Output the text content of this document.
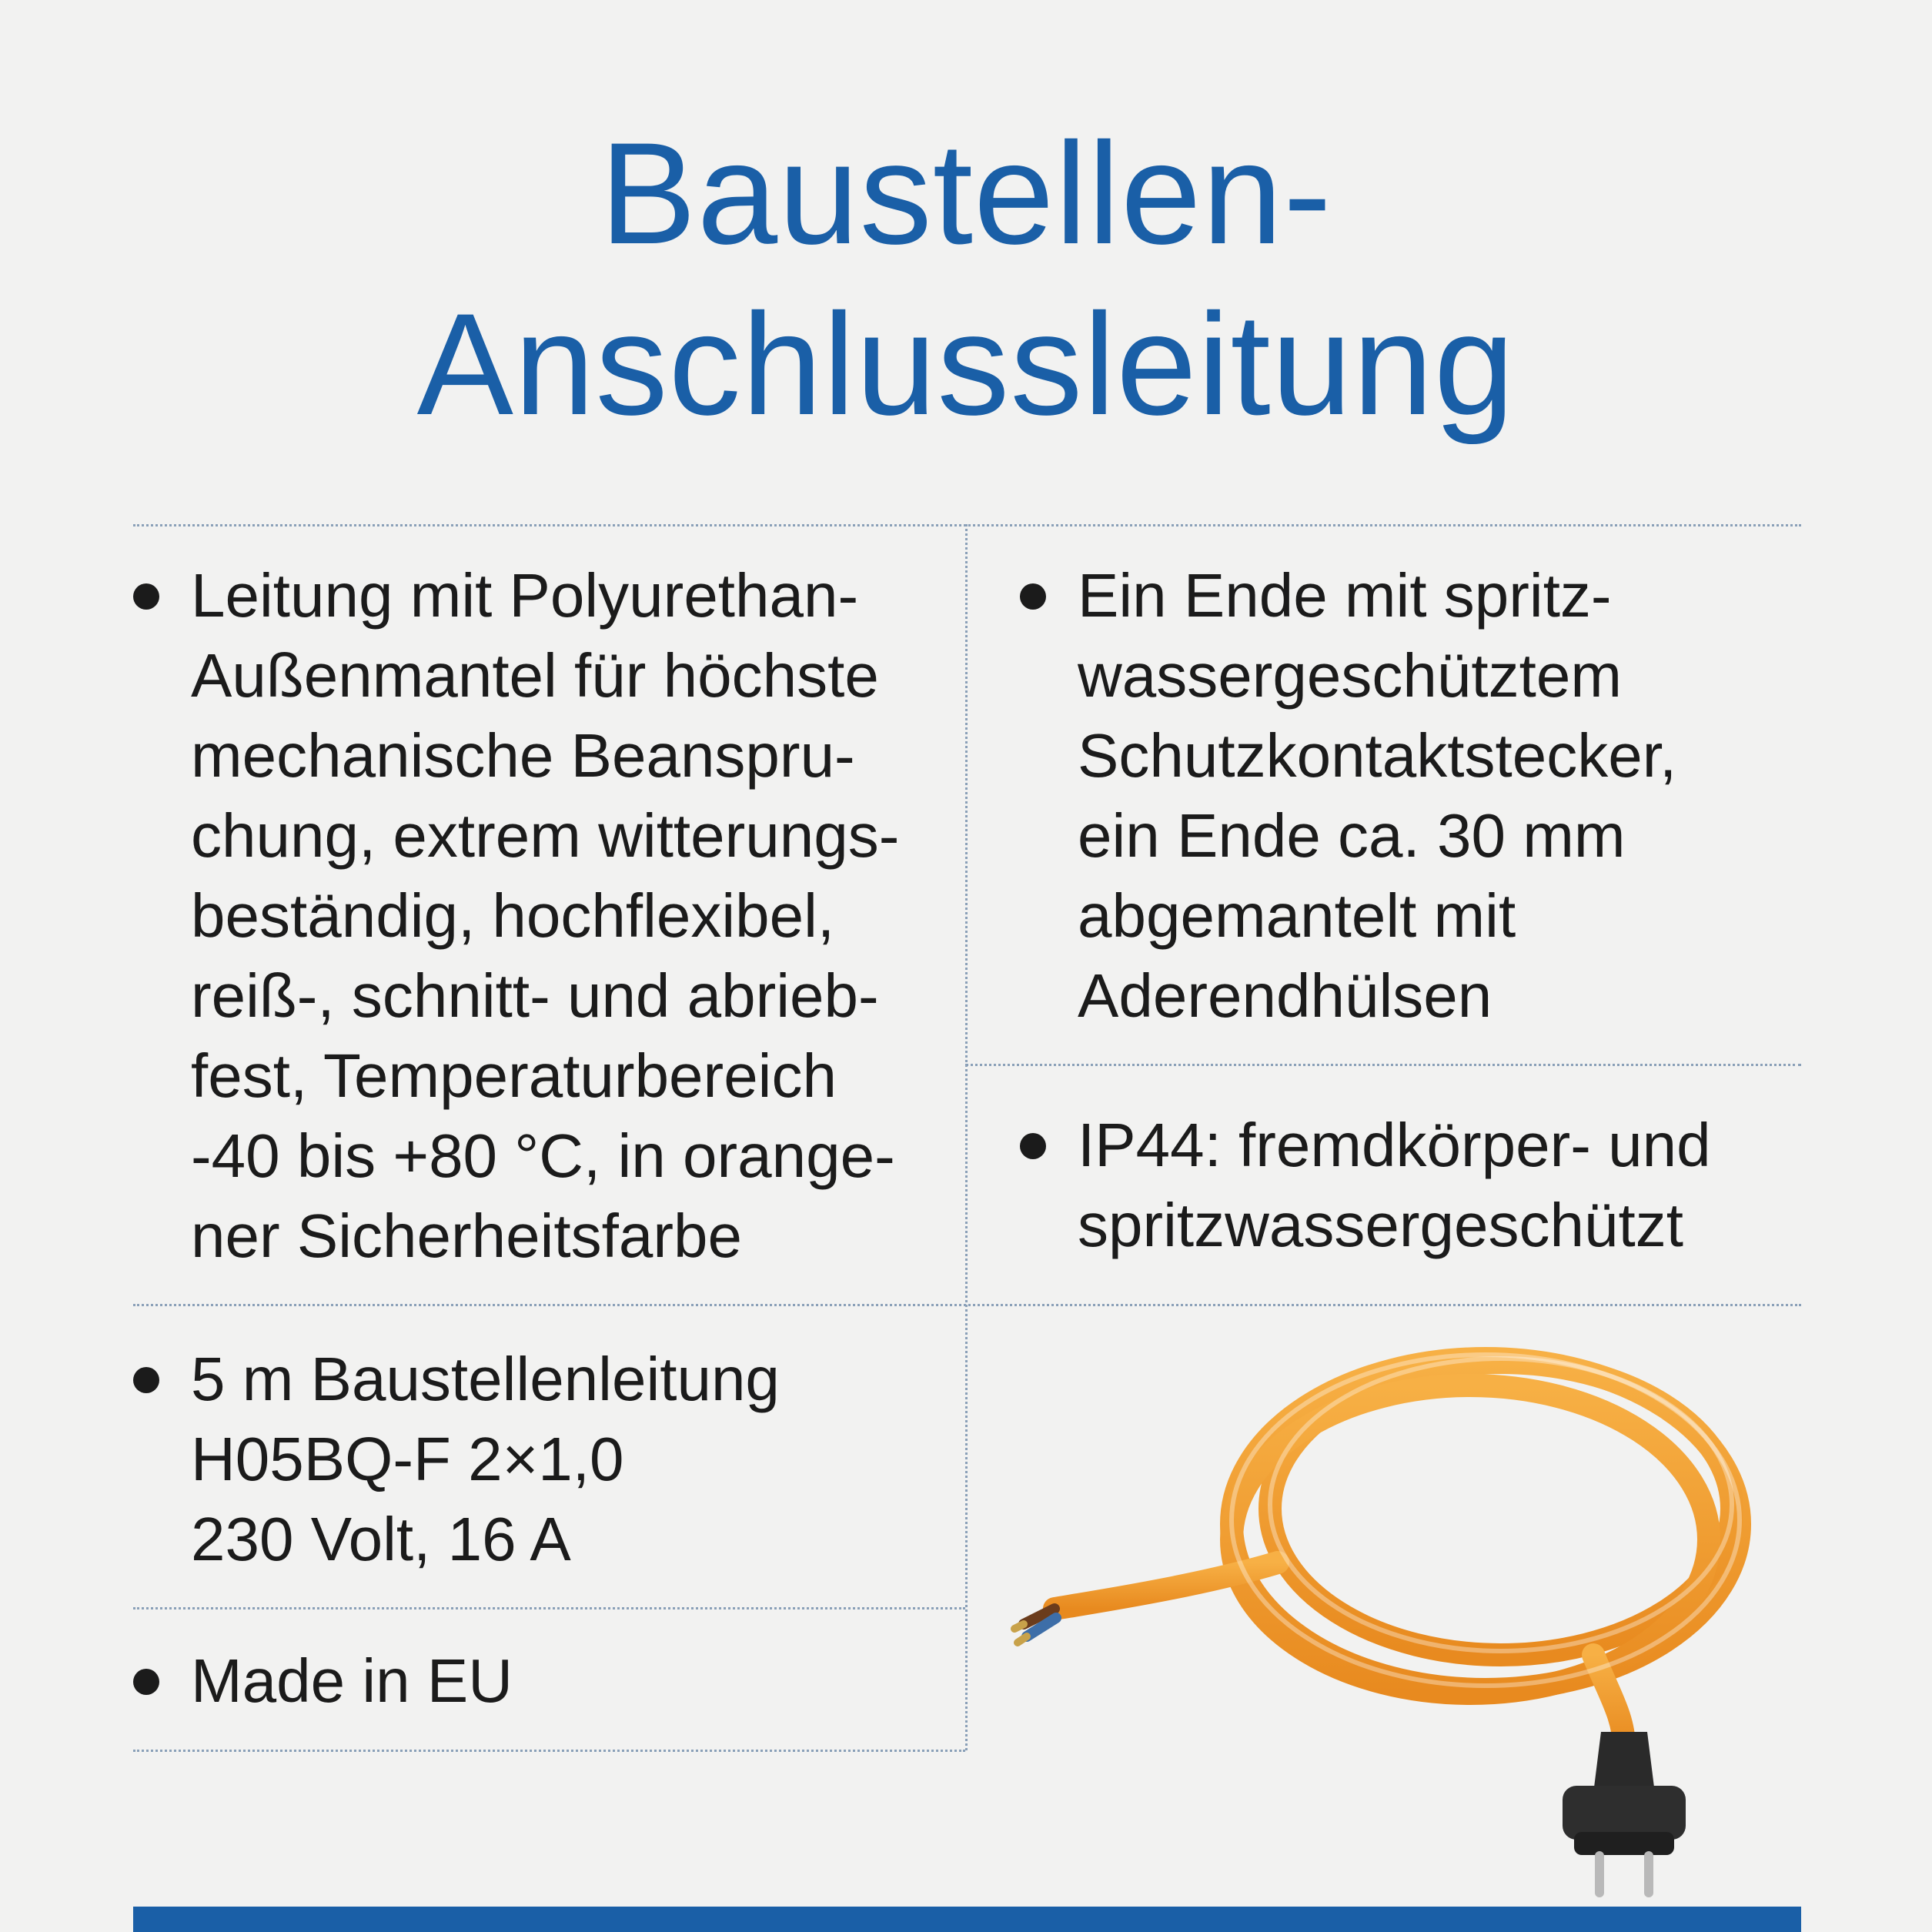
Baustellen-
Anschlussleitung
Leitung mit Polyurethan-
Außenmantel für höchste
mechanische Beanspru-
chung, extrem witterungs-
beständig, hochflexibel,
reiß-, schnitt- und abrieb-
fest, Temperaturbereich
-40 bis +80 °C, in orange-
ner Sicherheitsfarbe
Ein Ende mit spritz-
wassergeschütztem
Schutzkontaktstecker,
ein Ende ca. 30 mm
abgemantelt mit
Aderendhülsen
IP44: fremdkörper- und
spritzwassergeschützt
5 m Baustellenleitung
H05BQ-F 2×1,0
230 Volt, 16 A
Made in EU
